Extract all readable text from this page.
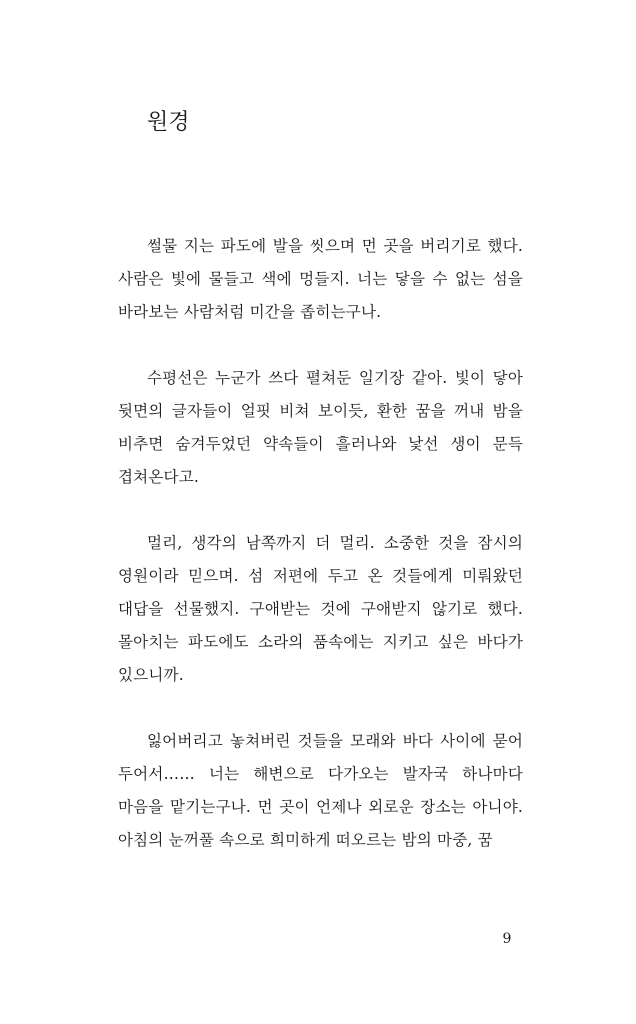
원경

썰물 지는 파도에 발을 씻으며 먼 곳을 버리기로 했다. 사람은 빛에 물들고 색에 멍들지. 너는 닿을 수 없는 섬을 바라보는 사람처럼 미간을 좁히는구나.

수평선은 누군가 쓰다 펼쳐둔 일기장 같아. 빛이 닿아 뒷면의 글자들이 얼핏 비쳐 보이듯, 환한 꿈을 꺼내 밤을 비추면 숨겨두었던 약속들이 흘러나와 낯선 생이 문득 겹쳐온다고.

멀리, 생각의 남쪽까지 더 멀리. 소중한 것을 잠시의 영원이라 믿으며. 섬 저편에 두고 온 것들에게 미뤄왔던 대답을 선물했지. 구애받는 것에 구애받지 않기로 했다. 몰아치는 파도에도 소라의 품속에는 지키고 싶은 바다가 있으니까.

잃어버리고 놓쳐버린 것들을 모래와 바다 사이에 묻어 두어서…… 너는 해변으로 다가오는 발자국 하나마다 마음을 맡기는구나. 먼 곳이 언제나 외로운 장소는 아니야. 아침의 눈꺼풀 속으로 희미하게 떠오르는 밤의 마중, 꿈

9
